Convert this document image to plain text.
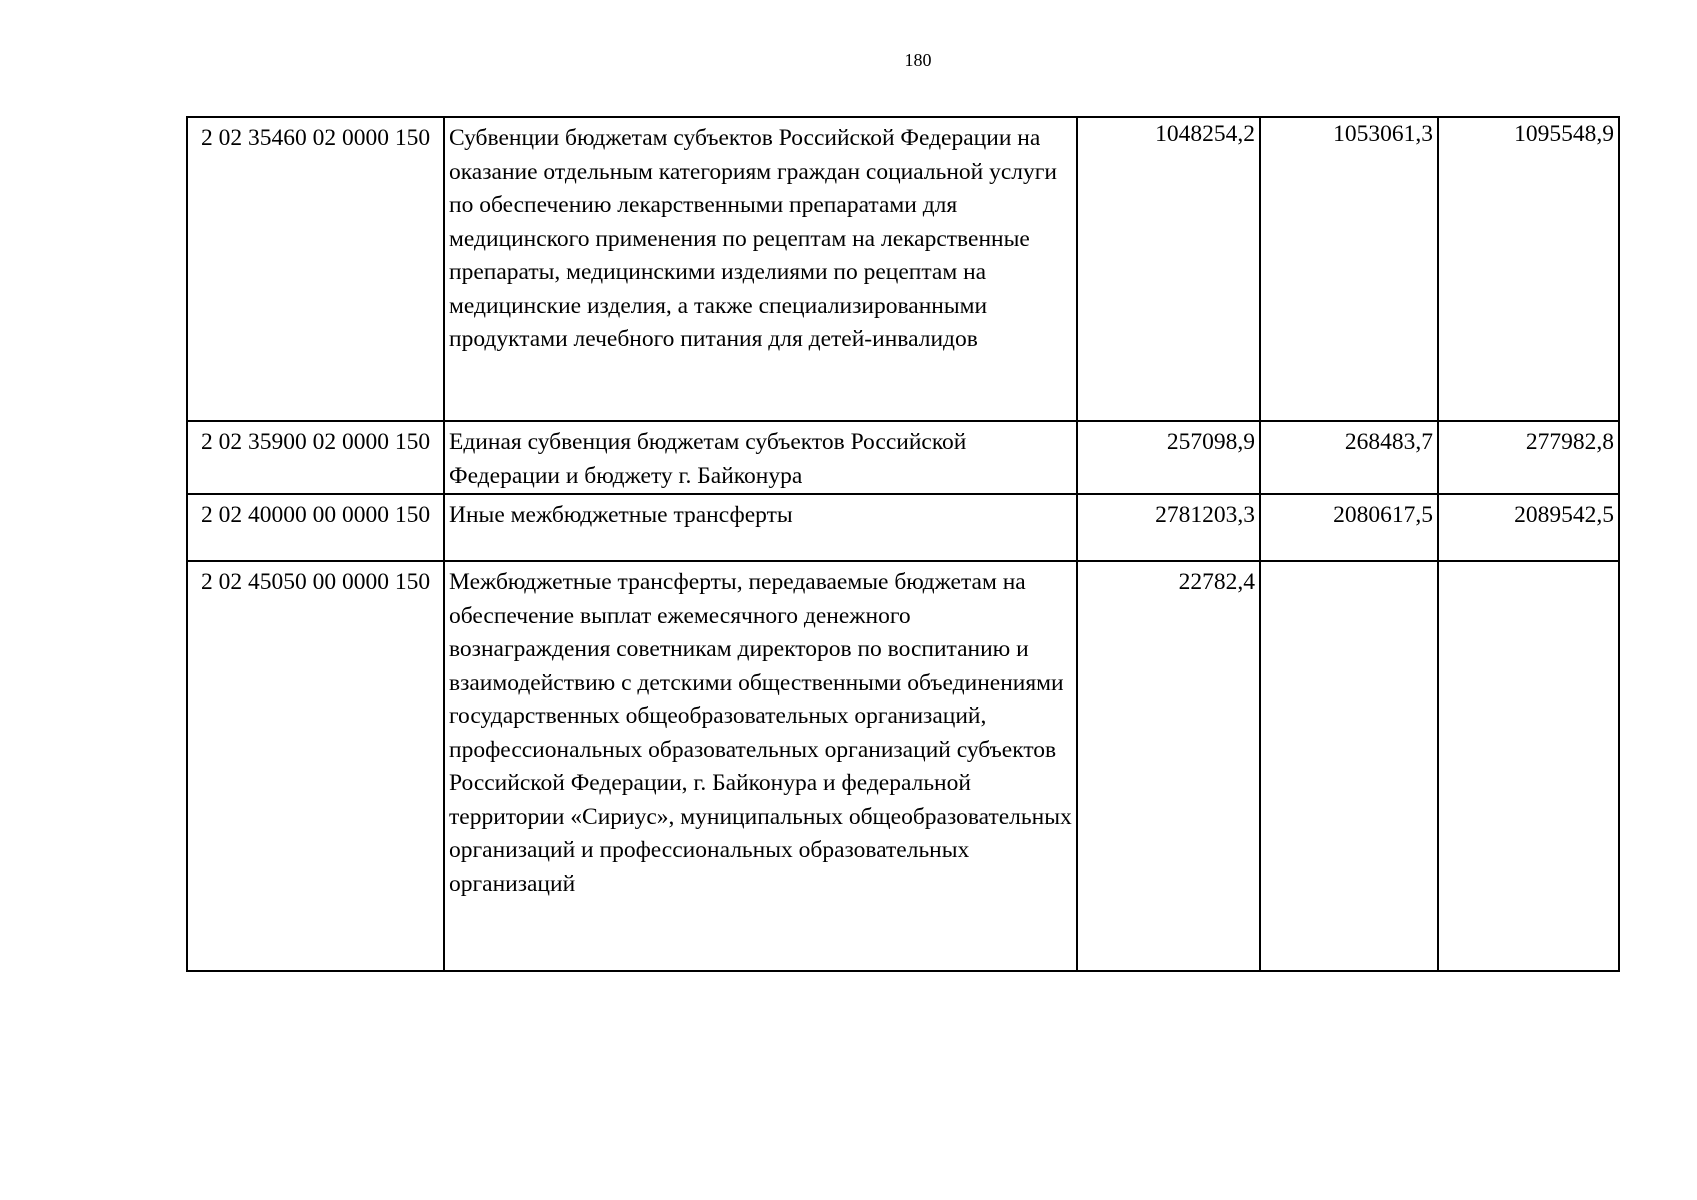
180
2 02 35460 02 0000 150	Субвенции бюджетам субъектов Российской Федерации на оказание отдельным категориям граждан социальной услуги по обеспечению лекарственными препаратами для медицинского применения по рецептам на лекарственные препараты, медицинскими изделиями по рецептам на медицинские изделия, а также специализированными продуктами лечебного питания для детей-инвалидов	1048254,2	1053061,3	1095548,9
2 02 35900 02 0000 150	Единая субвенция бюджетам субъектов Российской Федерации и бюджету г. Байконура	257098,9	268483,7	277982,8
2 02 40000 00 0000 150	Иные межбюджетные трансферты	2781203,3	2080617,5	2089542,5
2 02 45050 00 0000 150	Межбюджетные трансферты, передаваемые бюджетам на обеспечение выплат ежемесячного денежного вознаграждения советникам директоров по воспитанию и взаимодействию с детскими общественными объединениями государственных общеобразовательных организаций, профессиональных образовательных организаций субъектов Российской Федерации, г. Байконура и федеральной территории «Сириус», муниципальных общеобразовательных организаций и профессиональных образовательных организаций	22782,4		
